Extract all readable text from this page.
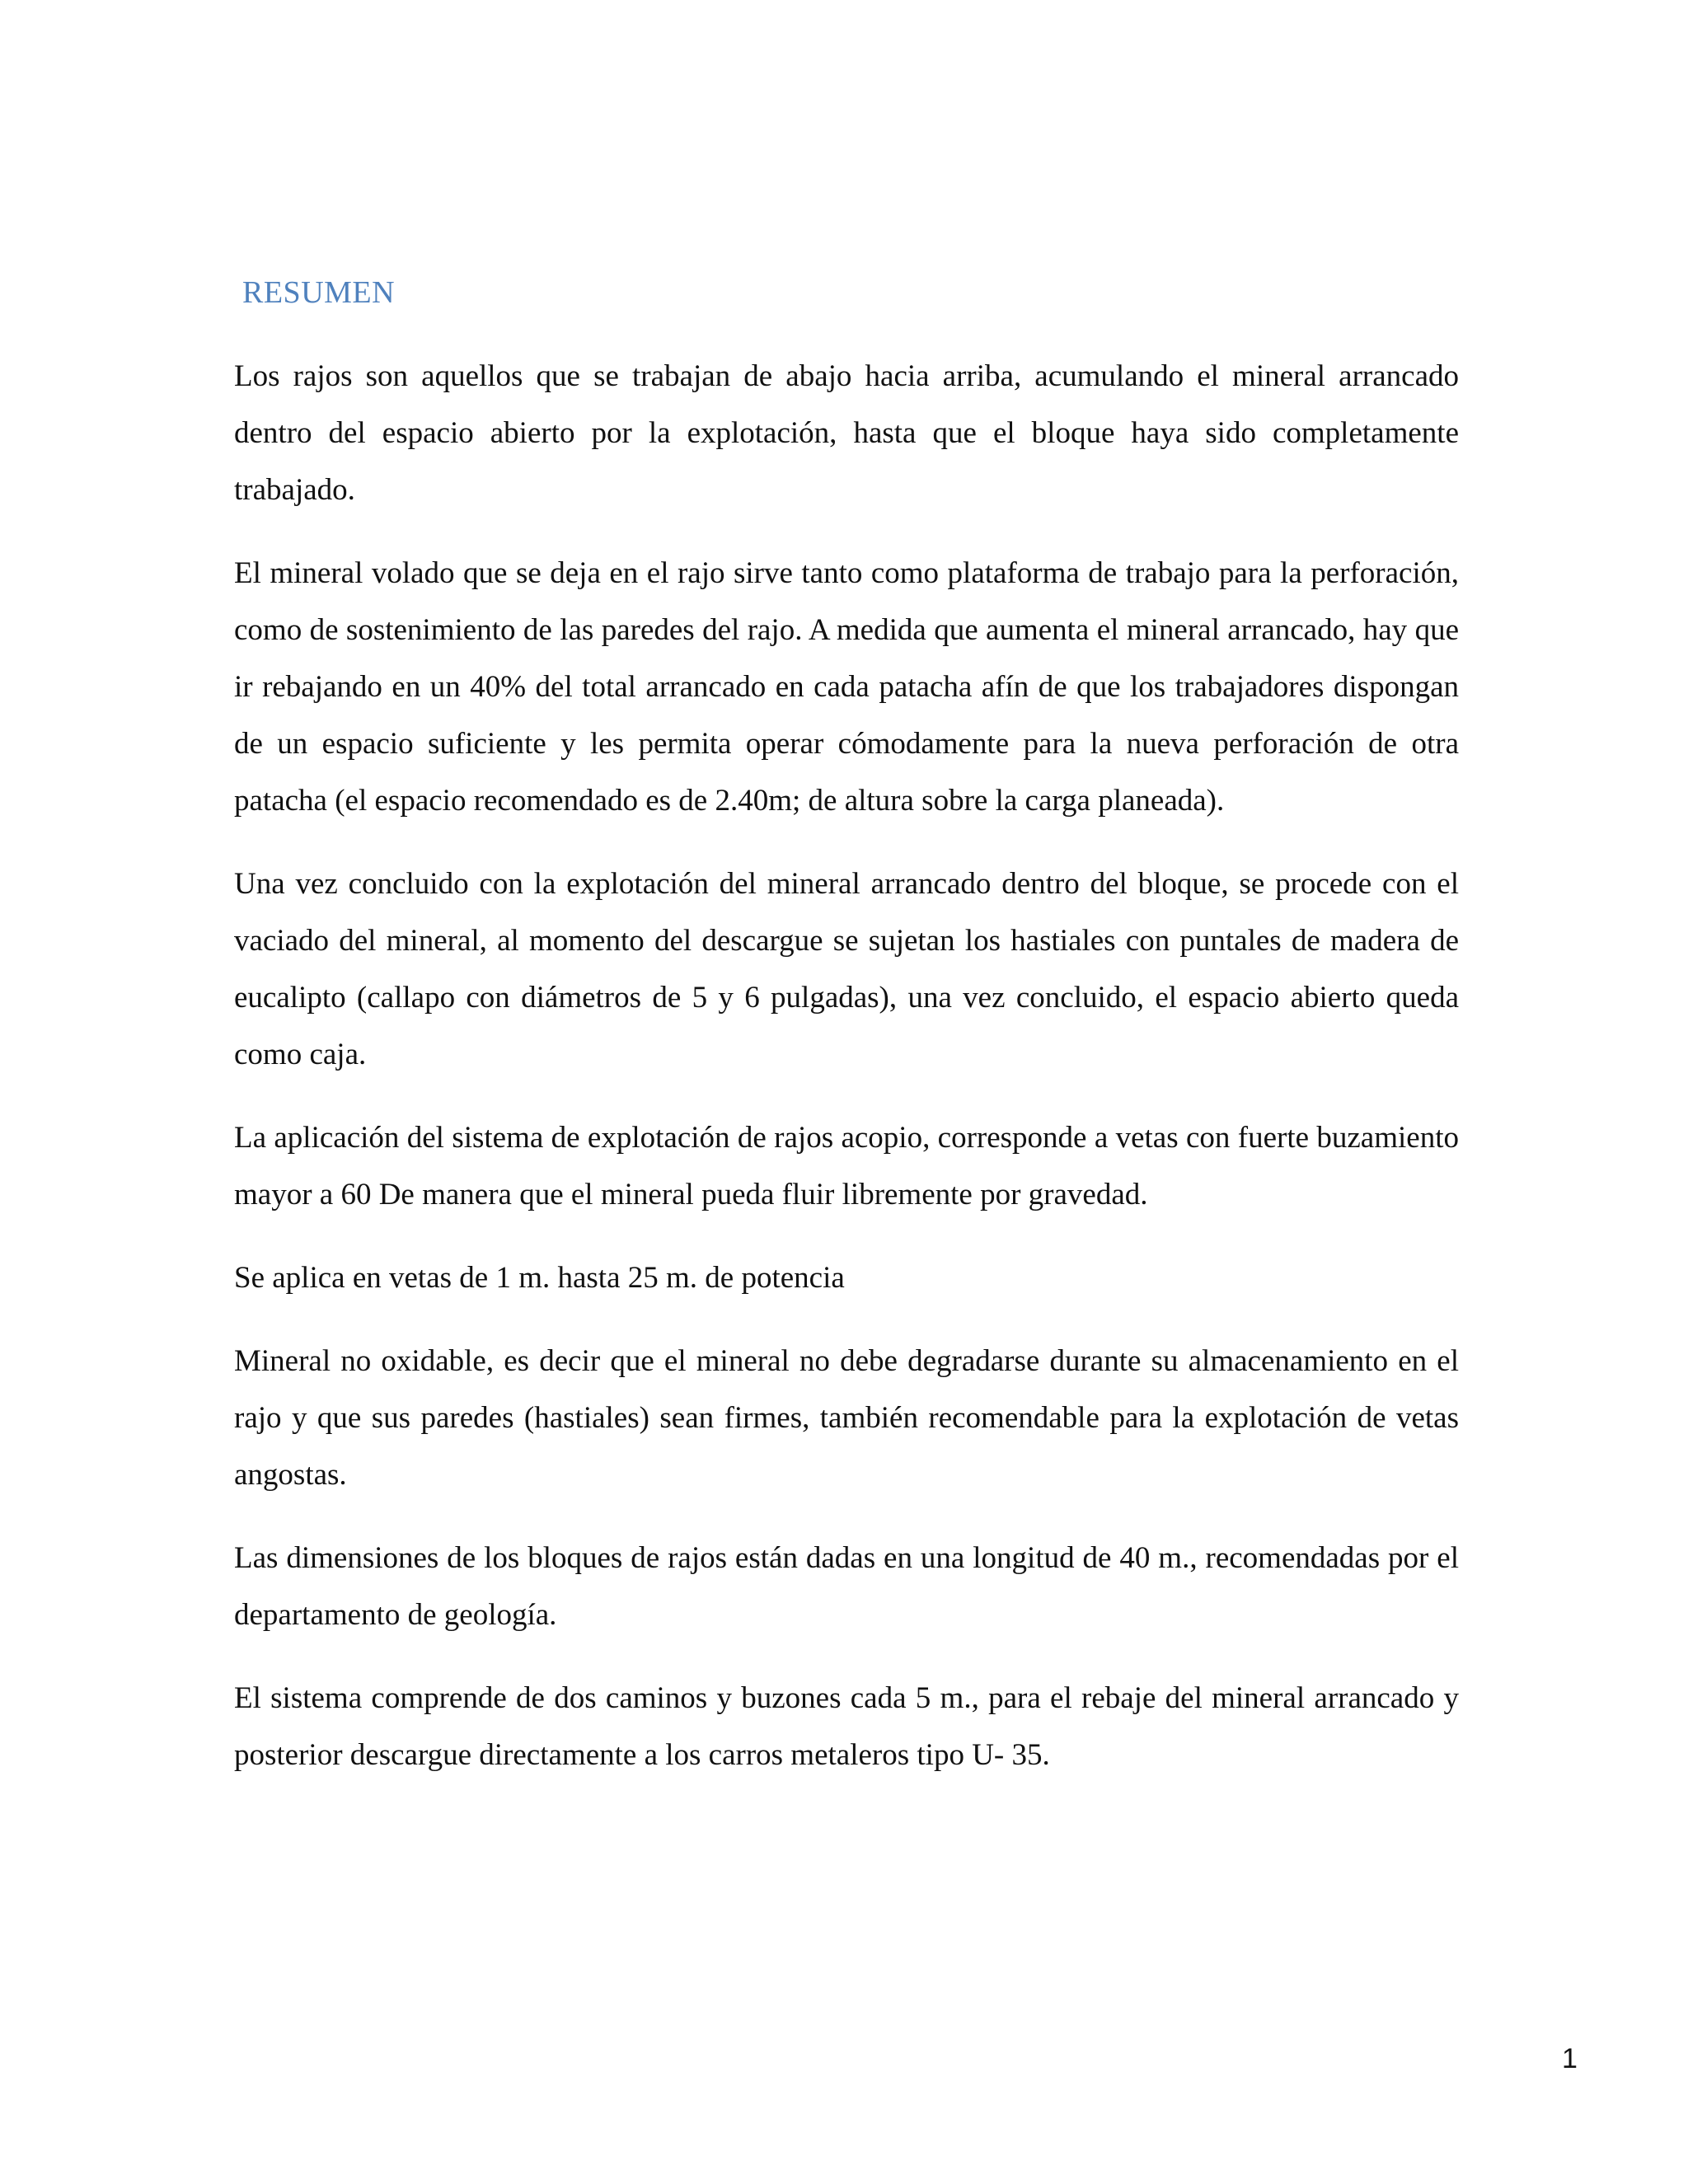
RESUMEN

Los rajos son aquellos que se trabajan de abajo hacia arriba, acumulando el mineral arrancado dentro del espacio abierto por la explotación, hasta que el bloque haya sido completamente trabajado.

El mineral volado que se deja en el rajo sirve tanto como plataforma de trabajo para la perforación, como de sostenimiento de las paredes del rajo. A medida que aumenta el mineral arrancado, hay que ir rebajando en un 40% del total arrancado en cada patacha afín de que los trabajadores dispongan de un espacio suficiente y les permita operar cómodamente para la nueva perforación de otra patacha (el espacio recomendado es de 2.40m; de altura sobre la carga planeada).

Una vez concluido con la explotación del mineral arrancado dentro del bloque, se procede con el vaciado del mineral, al momento del descargue se sujetan los hastiales con puntales de madera de eucalipto (callapo con diámetros de 5 y 6 pulgadas), una vez concluido, el espacio abierto queda como caja.

La aplicación del sistema de explotación de rajos acopio, corresponde a vetas con fuerte buzamiento mayor a 60 De manera que el mineral pueda fluir libremente por gravedad.

Se aplica en vetas de 1 m. hasta 25 m. de potencia

Mineral no oxidable, es decir que el mineral no debe degradarse durante su almacenamiento en el rajo y que sus paredes (hastiales) sean firmes, también recomendable para la explotación de vetas angostas.

Las dimensiones de los bloques de rajos están dadas en una longitud de 40 m., recomendadas por el departamento de geología.

El sistema comprende de dos caminos y buzones cada 5 m., para el rebaje del mineral arrancado y posterior descargue directamente a los carros metaleros tipo U- 35.

1
